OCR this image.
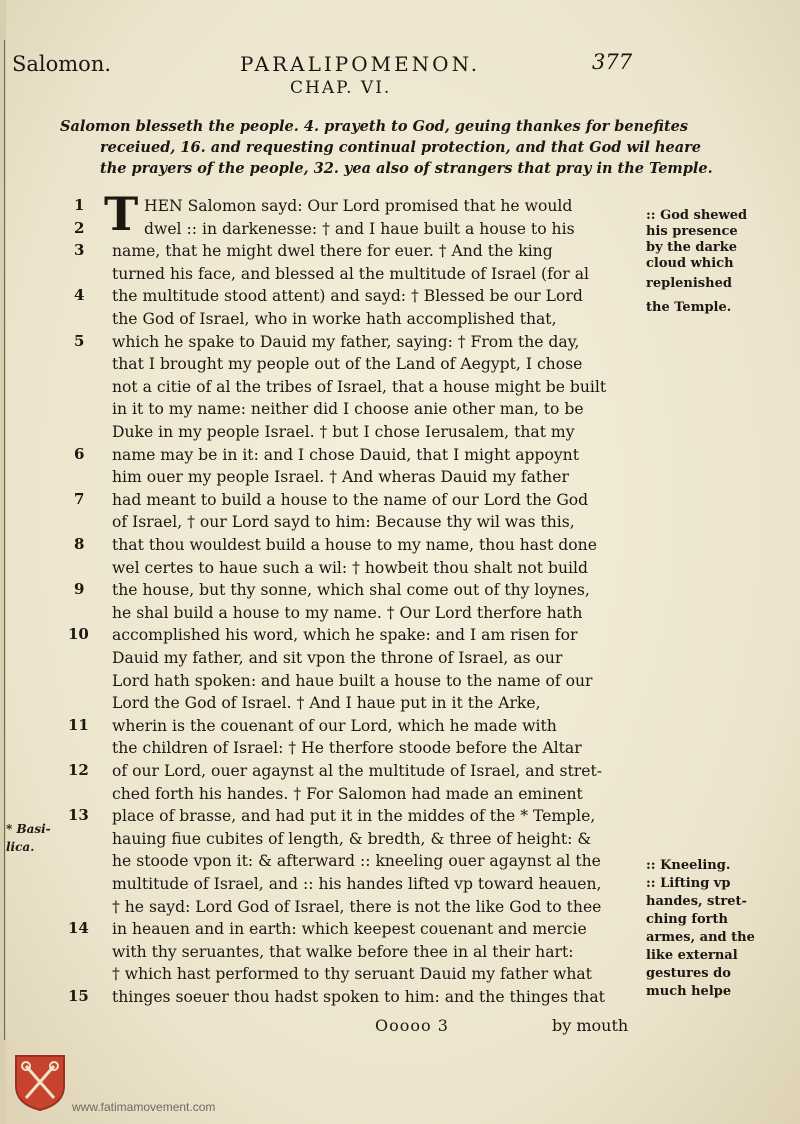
Salomon.	PARALIPOMENON.	377
CHAP. VI.
Salomon blesseth the people. 4. prayeth to God, geuing thankes for benefites
receiued, 16. and requesting continual protection, and that God wil heare
the prayers of the people, 32. yea also of strangers that pray in the Temple.
1
2
3
4
5
6
7
8
9
10
11
12
13
14
15
T HEN Salomon sayd: Our Lord promised that he would
dwel :: in darkenesse: † and I haue built a house to his
name, that he might dwel there for euer. † And the king
turned his face, and blessed al the multitude of Israel (for al
the multitude stood attent) and sayd: † Blessed be our Lord
the God of Israel, who in worke hath accomplished that,
which he spake to Dauid my father, saying: † From the day,
that I brought my people out of the Land of Aegypt, I chose
not a citie of al the tribes of Israel, that a house might be built
in it to my name: neither did I choose anie other man, to be
Duke in my people Israel. † but I chose Ierusalem, that my
name may be in it: and I chose Dauid, that I might appoynt
him ouer my people Israel. † And wheras Dauid my father
had meant to build a house to the name of our Lord the God
of Israel, † our Lord sayd to him: Because thy wil was this,
that thou wouldest build a house to my name, thou hast done
wel certes to haue such a wil: † howbeit thou shalt not build
the house, but thy sonne, which shal come out of thy loynes,
he shal build a house to my name. † Our Lord therfore hath
accomplished his word, which he spake: and I am risen for
Dauid my father, and sit vpon the throne of Israel, as our
Lord hath spoken: and haue built a house to the name of our
Lord the God of Israel. † And I haue put in it the Arke,
wherin is the couenant of our Lord, which he made with
the children of Israel: † He therfore stoode before the Altar
of our Lord, ouer agaynst al the multitude of Israel, and stret-
ched forth his handes. † For Salomon had made an eminent
place of brasse, and had put it in the middes of the * Temple,
hauing fiue cubites of length, & bredth, & three of height: &
he stoode vpon it: & afterward :: kneeling ouer agaynst al the
multitude of Israel, and :: his handes lifted vp toward heauen,
† he sayd: Lord God of Israel, there is not the like God to thee
in heauen and in earth: which keepest couenant and mercie
with thy seruantes, that walke before thee in al their hart:
† which hast performed to thy seruant Dauid my father what
thinges soeuer thou hadst spoken to him: and the thinges that
:: God shewed
his presence
by the darke
cloud which
replenished
the Temple.
:: Kneeling.
:: Lifting vp
handes, stret-
ching forth
armes, and the
like external
gestures do
much helpe
* Basi-
lica.
Ooooo 3	by mouth
www.fatimamovement.com
